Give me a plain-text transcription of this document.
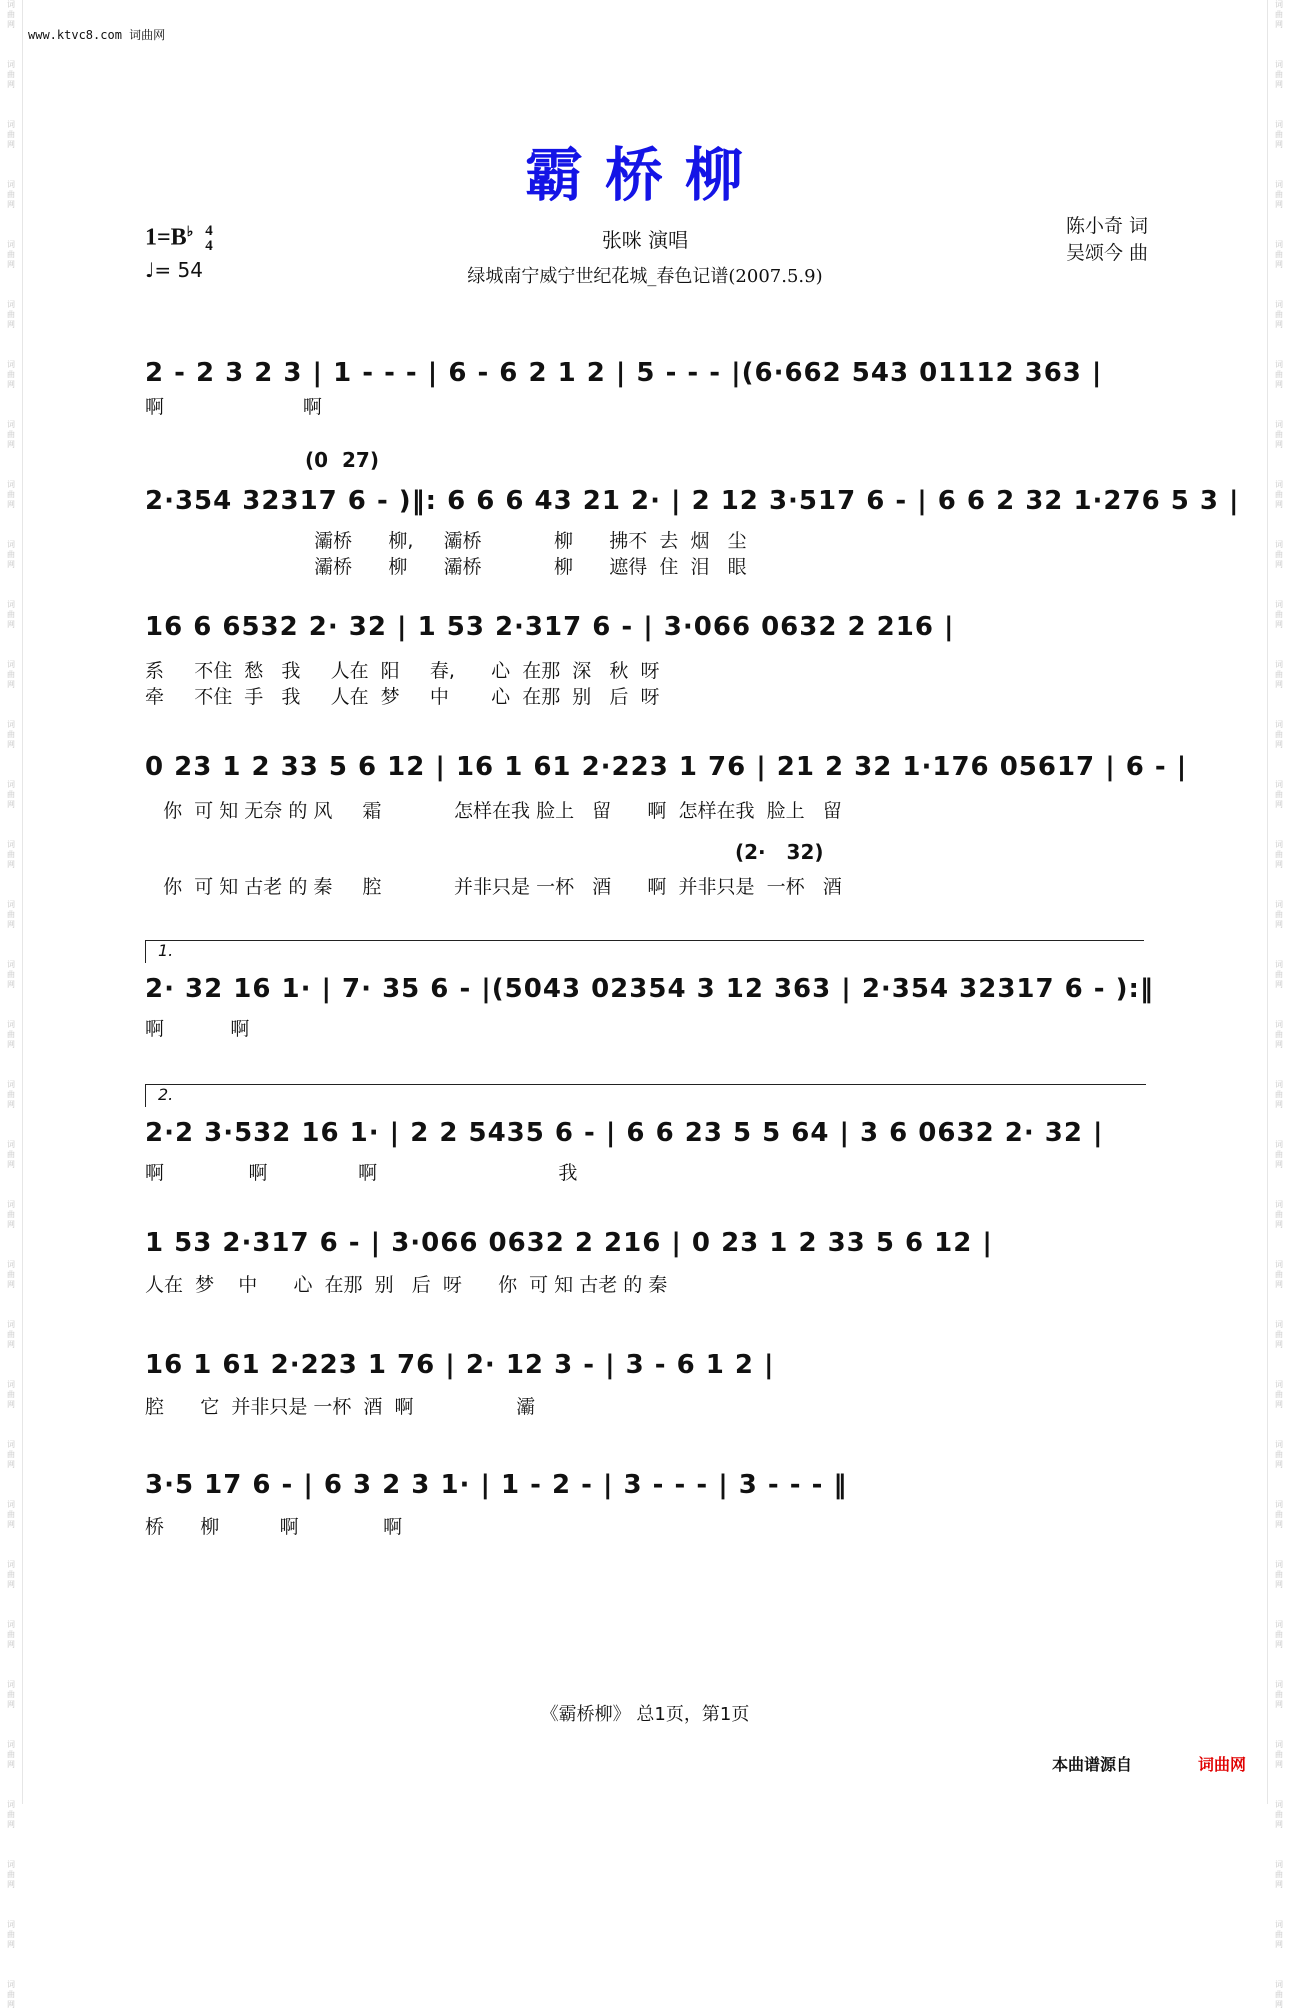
词
曲
网
词
曲
网
词
曲
网
词
曲
网
词
曲
网
词
曲
网
词
曲
网
词
曲
网
词
曲
网
词
曲
网
词
曲
网
词
曲
网
词
曲
网
词
曲
网
词
曲
网
词
曲
网
词
曲
网
词
曲
网
词
曲
网
词
曲
网
词
曲
网
词
曲
网
词
曲
网
词
曲
网
词
曲
网
词
曲
网
词
曲
网
词
曲
网
词
曲
网
词
曲
网
词
曲
网
词
曲
网
词
曲
网
词
曲
网
词
曲
网
词
曲
网
词
曲
网
词
曲
网
词
曲
网
词
曲
网
词
曲
网
词
曲
网
词
曲
网
词
曲
网
词
曲
网
词
曲
网
词
曲
网
词
曲
网
词
曲
网
词
曲
网
词
曲
网
词
曲
网
词
曲
网
词
曲
网
词
曲
网
词
曲
网
词
曲
网
词
曲
网
词
曲
网
词
曲
网
词
曲
网
词
曲
网
词
曲
网
词
曲
网
词
曲
网
词
曲
网
词
曲
网
词
曲
网
www.ktvc8.com 词曲网
霸桥柳
1=B♭ 4
4
♩= 54
张咪 演唱
绿城南宁威宁世纪花城_春色记谱(2007.5.9)
陈小奇 词
吴颂今 曲
2 - 2 3 2 3 | 1 - - - | 6 - 6 2 1 2 | 5 - - - |(6·662 543 01112 363 |
啊                       啊
(0  27)
2·354 32317 6 - )‖: 6 6 6 43 21 2· | 2 12 3·517 6 - | 6 6 2 32 1·276 5 3 |
灞桥      柳,     灞桥            柳      拂不  去  烟   尘
灞桥      柳      灞桥            柳      遮得  住  泪   眼
16 6 6532 2· 32 | 1 53 2·317 6 - | 3·066 0632 2 216 |
系     不住  愁   我     人在  阳     春,      心  在那  深   秋  呀
牵     不住  手   我     人在  梦     中       心  在那  别   后  呀
0 23 1 2 33 5 6 12 | 16 1 61 2·223 1 76 | 21 2 32 1·176 05617 | 6 - |
你  可 知 无奈 的 风     霜            怎样在我 脸上   留      啊  怎样在我  脸上   留
(2·   32)
你  可 知 古老 的 秦     腔            并非只是 一杯   酒      啊  并非只是  一杯   酒
1.
2· 32 16 1· | 7· 35 6 - |(5043 02354 3 12 363 | 2·354 32317 6 - ):‖
啊           啊
2.
2·2 3·532 16 1· | 2 2 5435 6 - | 6 6 23 5 5 64 | 3 6 0632 2· 32 |
啊              啊               啊                              我
1 53 2·317 6 - | 3·066 0632 2 216 | 0 23 1 2 33 5 6 12 |
人在  梦    中      心  在那  别   后  呀      你  可 知 古老 的 秦
16 1 61 2·223 1 76 | 2· 12 3 - | 3 - 6 1 2 |
腔      它  并非只是 一杯  酒  啊                 灞
3·5 17 6 - | 6 3 2 3 1· | 1 - 2 - | 3 - - - | 3 - - - ‖
桥      柳          啊              啊
《霸桥柳》 总1页，第1页
本曲谱源自	词曲网
